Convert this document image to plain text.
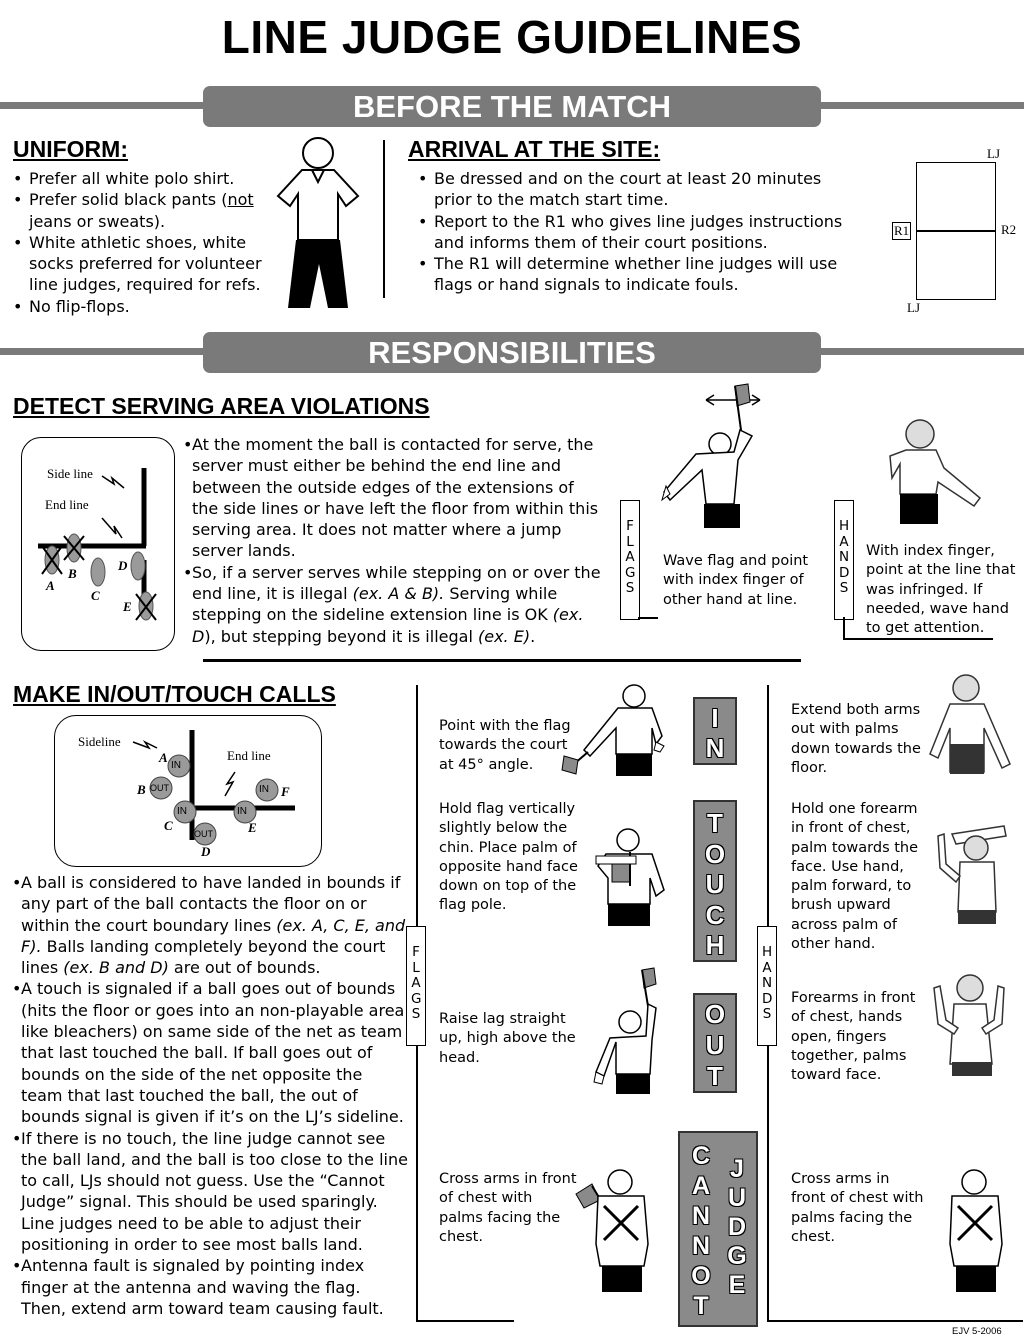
LINE JUDGE GUIDELINES
BEFORE THE MATCH
UNIFORM:
• Prefer all white polo shirt.
• Prefer solid black pants (not jeans or sweats).
• White athletic shoes, white socks preferred for volunteer line judges, required for refs.
• No flip-flops.
ARRIVAL AT THE SITE:
• Be dressed and on the court at least 20 minutes prior to the match start time.
• Report to the R1 who gives line judges instructions and informs them of their court positions.
• The R1 will determine whether line judges will use flags or hand signals to indicate fouls.
LJ
LJ
R1	R2
RESPONSIBILITIES
DETECT SERVING AREA VIOLATIONS
Side line
End line
A
B
C
D
E
• At the moment the ball is contacted for serve, the server must either be behind the end line and between the outside edges of the extensions of the side lines or have left the floor from within this serving area. It does not matter where a jump server lands.
• So, if a server serves while stepping on or over the end line, it is illegal (ex. A & B). Serving while stepping on the sideline extension line is OK (ex. D), but stepping beyond it is illegal (ex. E).
FLAGS
Wave flag and point with index finger of other hand at line.
HANDS
With index finger, point at the line that was infringed. If needed, wave hand to get attention.
MAKE IN/OUT/TOUCH CALLS
Sideline
End line
IN
OUT
IN
OUT
IN
IN
A
B
C
D
E
F
• A ball is considered to have landed in bounds if any part of the ball contacts the floor on or within the court boundary lines (ex. A, C, E, and F). Balls landing completely beyond the court lines (ex. B and D) are out of bounds.
• A touch is signaled if a ball goes out of bounds (hits the floor or goes into an non-playable area like bleachers) on same side of the net as team that last touched the ball. If ball goes out of bounds on the side of the net opposite the team that last touched the ball, the out of bounds signal is given if it’s on the LJ’s sideline.
• If there is no touch, the line judge cannot see the ball land, and the ball is too close to the line to call, LJs should not guess. Use the “Cannot Judge” signal. This should be used sparingly. Line judges need to be able to adjust their positioning in order to see most balls land.
• Antenna fault is signaled by pointing index finger at the antenna and waving the flag. Then, extend arm toward team causing fault.
FLAGS
HANDS
Point with the flag towards the court at 45° angle.
Hold flag vertically slightly below the chin. Place palm of opposite hand face down on top of the flag pole.
Raise lag straight up, high above the head.
Cross arms in front of chest with palms facing the chest.
IN
TOUCH
OUT
CANNOT
JUDGE
Extend both arms out with palms down towards the floor.
Hold one forearm in front of chest, palm towards the face. Use hand, palm forward, to brush upward across palm of other hand.
Forearms in front of chest, hands open, fingers together, palms toward face.
Cross arms in front of chest with palms facing the chest.
EJV 5-2006
